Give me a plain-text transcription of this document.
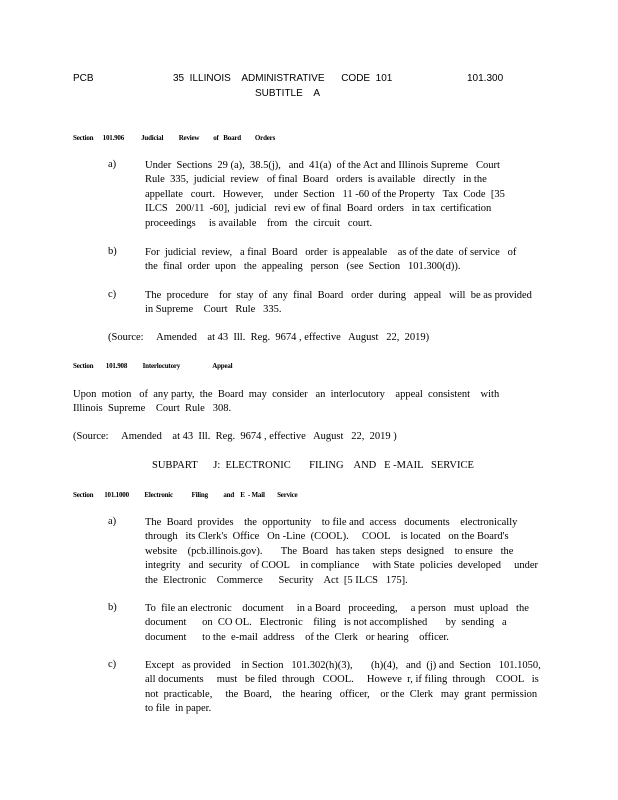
PCB	35  ILLINOIS    ADMINISTRATIVE      CODE  101
SUBTITLE    A
101.300
Section      101.906           Judicial          Review         of   Board         Orders
a)	Under  Sections  29 (a),  38.5(j),   and  41(a)  of the Act and Illinois Supreme   Court
Rule  335,  judicial  review   of final  Board   orders  is available   directly   in the
appellate   court.   However,    under  Section   11 -60 of the Property   Tax  Code  [35
ILCS   200/11  -60],  judicial   revi ew  of final  Board  orders   in tax  certification
proceedings     is available    from   the  circuit   court.
b)	For  judicial  review,   a final  Board   order  is appealable    as of the date  of service   of
the  final  order  upon   the  appealing   person   (see  Section   101.300(d)).
c)	The  procedure    for  stay  of  any  final  Board   order  during   appeal   will  be as provided
in Supreme    Court   Rule   335.
(Source:     Amended    at 43  Ill.  Reg.  9674 , effective   August   22,  2019)
Section        101.908          Interlocutory                     Appeal
Upon  motion   of  any party,  the  Board  may  consider   an  interlocutory    appeal  consistent    with
Illinois  Supreme    Court  Rule   308.
(Source:     Amended    at 43  Ill.  Reg.  9674 , effective   August   22,  2019 )
SUBPART      J:  ELECTRONIC       FILING    AND   E -MAIL   SERVICE
Section       101.1000          Electronic            Filing          and    E  - Mail        Service
a)	The  Board  provides    the  opportunity    to file and  access   documents    electronically
through   its Clerk's  Office   On -Line  (COOL).     COOL    is located   on the Board's
website    (pcb.illinois.gov).       The  Board   has taken  steps  designed    to ensure   the
integrity   and  security   of COOL    in compliance     with State  policies  developed     under
the  Electronic    Commerce      Security    Act  [5 ILCS   175].
b)	To  file an electronic    document     in a Board   proceeding,     a person   must  upload   the
document      on  CO OL.   Electronic    filing   is not accomplished       by  sending   a
document      to the  e-mail  address    of the  Clerk   or hearing    officer.
c)	Except   as provided    in Section   101.302(h)(3),       (h)(4),   and  (j) and  Section   101.1050,
all documents     must   be filed  through   COOL.     Howeve  r, if filing  through    COOL   is
not  practicable,     the  Board,    the  hearing   officer,    or the  Clerk   may  grant  permission
to file  in paper.
